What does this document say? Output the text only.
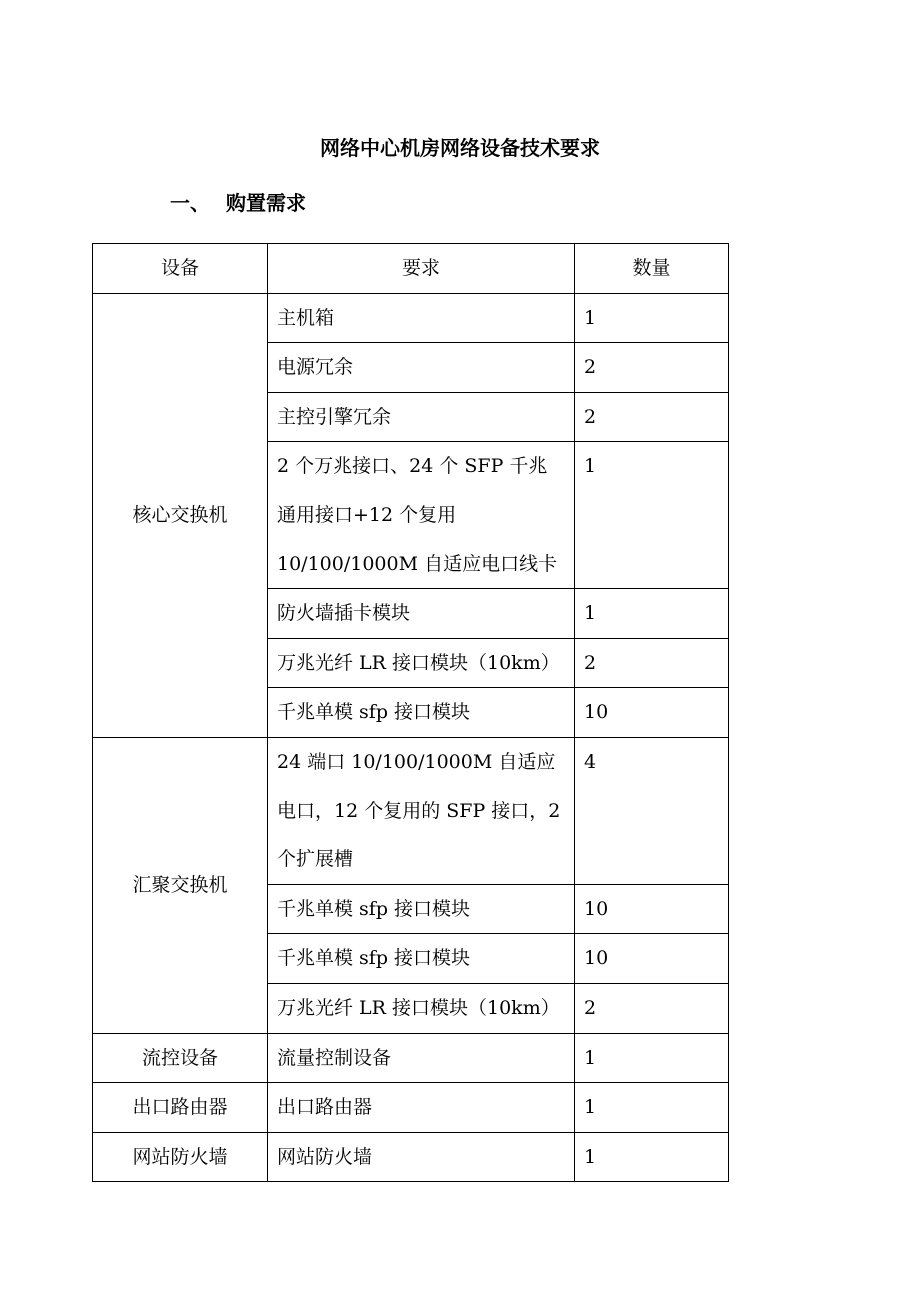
网络中心机房网络设备技术要求
一、 购置需求
设备	要求	数量
核心交换机	主机箱	1
	电源冗余	2
	主控引擎冗余	2
	2 个万兆接口、24 个 SFP 千兆通用接口+12 个复用 10/100/1000M 自适应电口线卡	1
	防火墙插卡模块	1
	万兆光纤 LR 接口模块（10km）	2
	千兆单模 sfp 接口模块	10
汇聚交换机	24 端口 10/100/1000M 自适应电口，12 个复用的 SFP 接口，2 个扩展槽	4
	千兆单模 sfp 接口模块	10
	千兆单模 sfp 接口模块	10
	万兆光纤 LR 接口模块（10km）	2
流控设备	流量控制设备	1
出口路由器	出口路由器	1
网站防火墙	网站防火墙	1
